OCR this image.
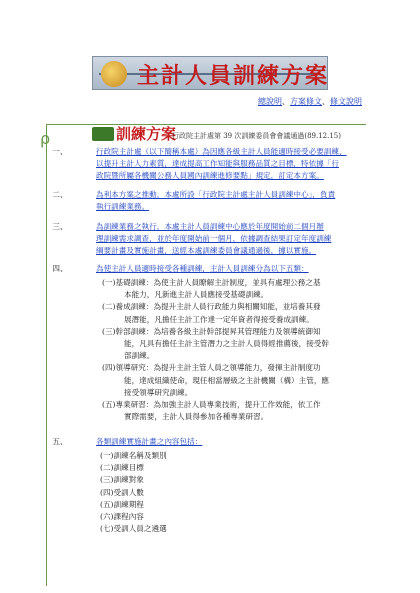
主計人員訓練方案
總說明、方案條文、條文說明
ρ	訓練方案
行政院主計處第 39 次訓練委員會會議通過(89.12.15)
一、	行政院主計處（以下簡稱本處）為因應各級主計人員能適時接受必要訓練，
以提升主計人力素質，達成提高工作知能與服務品質之目標，特依據「行
政院暨所屬各機關公務人員國內訓練進修要點」規定，訂定本方案。
二、	為利本方案之推動，本處所設「行政院主計處主計人員訓練中心」，負責
執行訓練業務。
三、	為訓練業務之執行，本處主計人員訓練中心應於年度開始前二個月辦
理訓練需求調查，並於年度開始前一個月，依據調查結果訂定年度訓練
綱要計畫及實施計畫，送經本處訓練委員會議通過後，據以實施。
四、	為使主計人員適時接受各種訓練，主計人員訓練分為以下五類：
(一)基礎訓練：為使主計人員瞭解主計制度，並具有處理公務之基
本能力，凡新進主計人員應接受基礎訓練。
(二)養成訓練：為提升主計人員行政能力與相關知能，並培養其發
展潛能，凡擔任主計工作達一定年資者得接受養成訓練。
(三)幹部訓練：為培養各級主計幹部提昇其管理能力及領導統御知
能，凡具有擔任主計主管潛力之主計人員得經推薦後，接受幹
部訓練。
(四)領導研究：為提升主計主管人員之領導能力，發揮主計制度功
能，達成組織使命，現任相當層級之主計機關（構）主管，應
接受領導研究訓練。
(五)專業研習：為加強主計人員專業技術，提升工作效能，依工作
實際需要，主計人員得參加各種專業研習。
五、	各類訓練實施計畫之內容包括：
(一)訓練名稱及類別
(二)訓練目標
(三)訓練對象
(四)受訓人數
(五)訓練期程
(六)課程內容
(七)受訓人員之遴選
